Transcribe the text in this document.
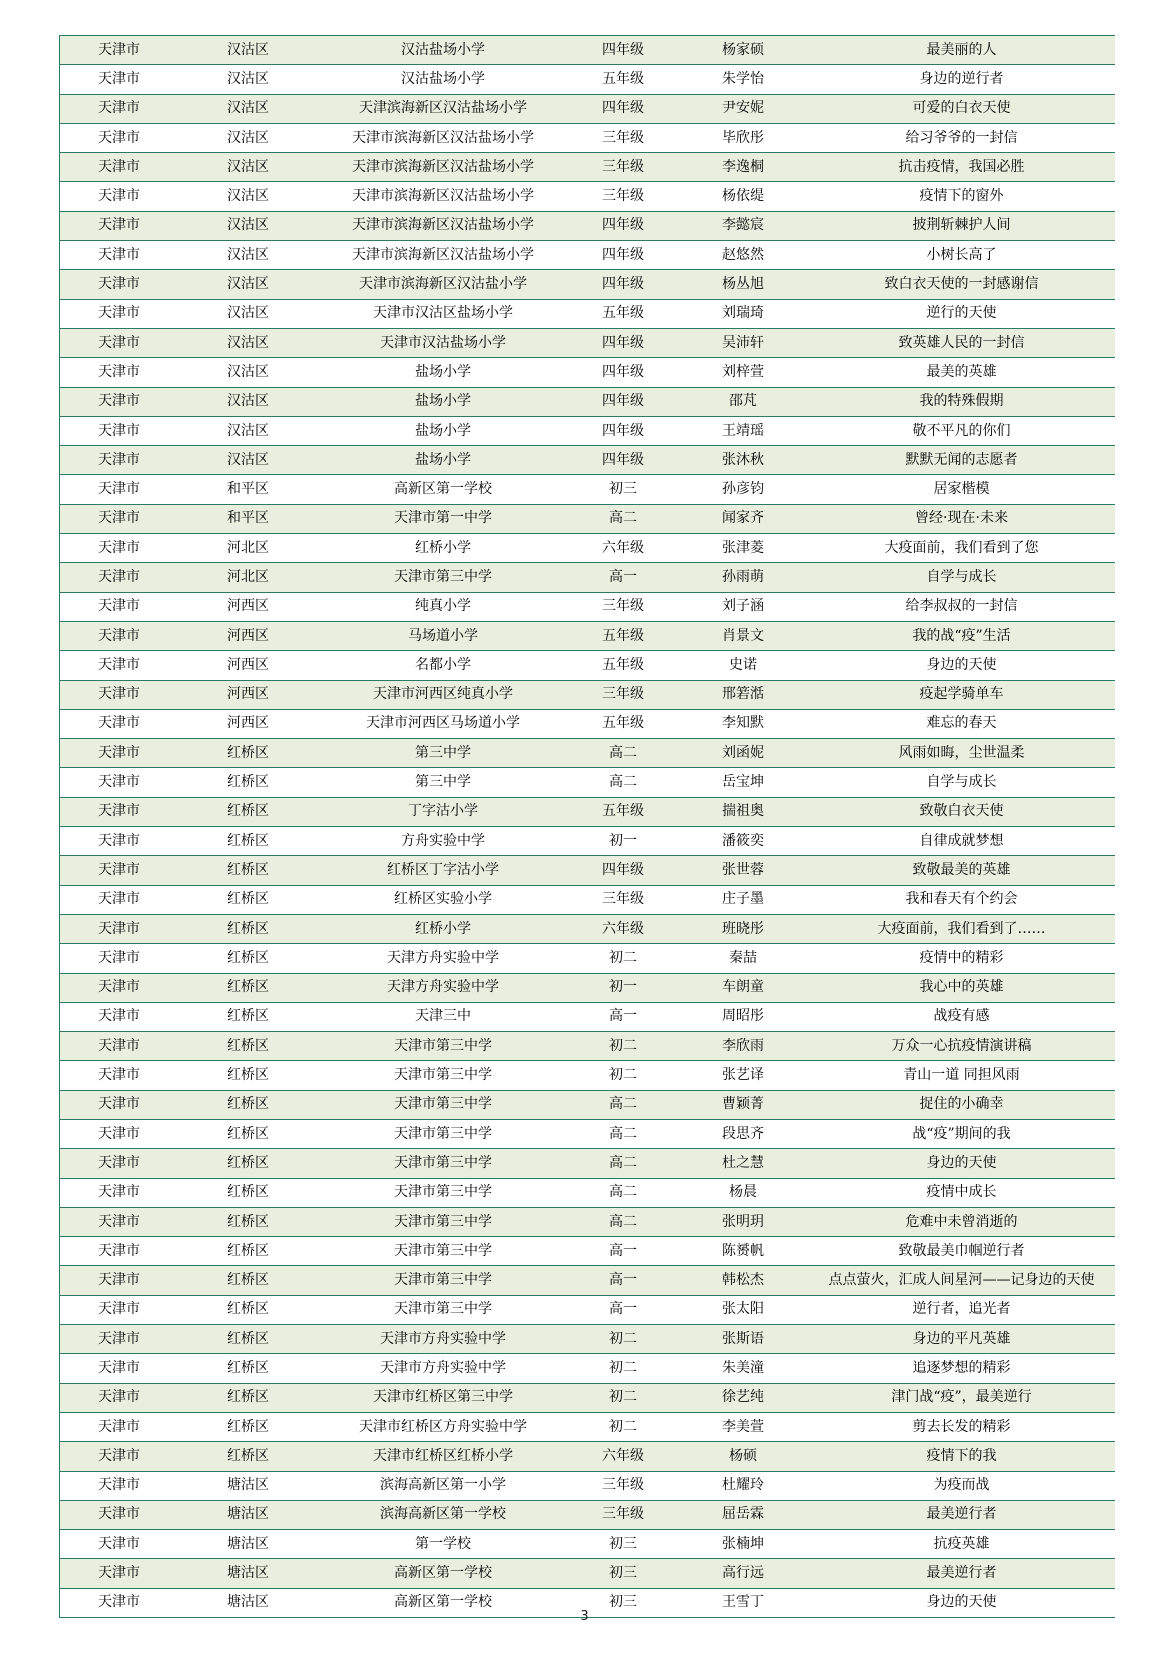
天津市	汉沽区	汉沽盐场小学	四年级	杨家硕	最美丽的人
天津市	汉沽区	汉沽盐场小学	五年级	朱学怡	身边的逆行者
天津市	汉沽区	天津滨海新区汉沽盐场小学	四年级	尹安妮	可爱的白衣天使
天津市	汉沽区	天津市滨海新区汉沽盐场小学	三年级	毕欣彤	给习爷爷的一封信
天津市	汉沽区	天津市滨海新区汉沽盐场小学	三年级	李逸桐	抗击疫情，我国必胜
天津市	汉沽区	天津市滨海新区汉沽盐场小学	三年级	杨依缇	疫情下的窗外
天津市	汉沽区	天津市滨海新区汉沽盐场小学	四年级	李懿宸	披荆斩棘护人间
天津市	汉沽区	天津市滨海新区汉沽盐场小学	四年级	赵悠然	小树长高了
天津市	汉沽区	天津市滨海新区汉沽盐小学	四年级	杨丛旭	致白衣天使的一封感谢信
天津市	汉沽区	天津市汉沽区盐场小学	五年级	刘瑞琦	逆行的天使
天津市	汉沽区	天津市汉沽盐场小学	四年级	吴沛轩	致英雄人民的一封信
天津市	汉沽区	盐场小学	四年级	刘梓萱	最美的英雄
天津市	汉沽区	盐场小学	四年级	邵芃	我的特殊假期
天津市	汉沽区	盐场小学	四年级	王靖瑶	敬不平凡的你们
天津市	汉沽区	盐场小学	四年级	张沐秋	默默无闻的志愿者
天津市	和平区	高新区第一学校	初三	孙彦钧	居家楷模
天津市	和平区	天津市第一中学	高二	闻家齐	曾经·现在·未来
天津市	河北区	红桥小学	六年级	张津菱	大疫面前，我们看到了您
天津市	河北区	天津市第三中学	高一	孙雨萌	自学与成长
天津市	河西区	纯真小学	三年级	刘子涵	给李叔叔的一封信
天津市	河西区	马场道小学	五年级	肖景文	我的战“疫”生活
天津市	河西区	名都小学	五年级	史诺	身边的天使
天津市	河西区	天津市河西区纯真小学	三年级	邢箬湉	疫起学骑单车
天津市	河西区	天津市河西区马场道小学	五年级	李知默	难忘的春天
天津市	红桥区	第三中学	高二	刘函妮	风雨如晦，尘世温柔
天津市	红桥区	第三中学	高二	岳宝坤	自学与成长
天津市	红桥区	丁字沽小学	五年级	揣祖奥	致敬白衣天使
天津市	红桥区	方舟实验中学	初一	潘筱奕	自律成就梦想
天津市	红桥区	红桥区丁字沽小学	四年级	张世蓉	致敬最美的英雄
天津市	红桥区	红桥区实验小学	三年级	庄子墨	我和春天有个约会
天津市	红桥区	红桥小学	六年级	班晓彤	大疫面前，我们看到了……
天津市	红桥区	天津方舟实验中学	初二	秦喆	疫情中的精彩
天津市	红桥区	天津方舟实验中学	初一	车朗童	我心中的英雄
天津市	红桥区	天津三中	高一	周昭彤	战疫有感
天津市	红桥区	天津市第三中学	初二	李欣雨	万众一心抗疫情演讲稿
天津市	红桥区	天津市第三中学	初二	张艺译	青山一道 同担风雨
天津市	红桥区	天津市第三中学	高二	曹颖菁	捉住的小确幸
天津市	红桥区	天津市第三中学	高二	段思齐	战“疫”期间的我
天津市	红桥区	天津市第三中学	高二	杜之慧	身边的天使
天津市	红桥区	天津市第三中学	高二	杨晨	疫情中成长
天津市	红桥区	天津市第三中学	高二	张明玥	危难中未曾消逝的
天津市	红桥区	天津市第三中学	高一	陈赟帆	致敬最美巾帼逆行者
天津市	红桥区	天津市第三中学	高一	韩松杰	点点萤火，汇成人间星河——记身边的天使
天津市	红桥区	天津市第三中学	高一	张太阳	逆行者，追光者
天津市	红桥区	天津市方舟实验中学	初二	张斯语	身边的平凡英雄
天津市	红桥区	天津市方舟实验中学	初二	朱美潼	追逐梦想的精彩
天津市	红桥区	天津市红桥区第三中学	初二	徐艺纯	津门战“疫”，最美逆行
天津市	红桥区	天津市红桥区方舟实验中学	初二	李美萱	剪去长发的精彩
天津市	红桥区	天津市红桥区红桥小学	六年级	杨硕	疫情下的我
天津市	塘沽区	滨海高新区第一小学	三年级	杜耀玲	为疫而战
天津市	塘沽区	滨海高新区第一学校	三年级	屈岳霖	最美逆行者
天津市	塘沽区	第一学校	初三	张楠坤	抗疫英雄
天津市	塘沽区	高新区第一学校	初三	高行远	最美逆行者
天津市	塘沽区	高新区第一学校	初三	王雪丁	身边的天使
3
